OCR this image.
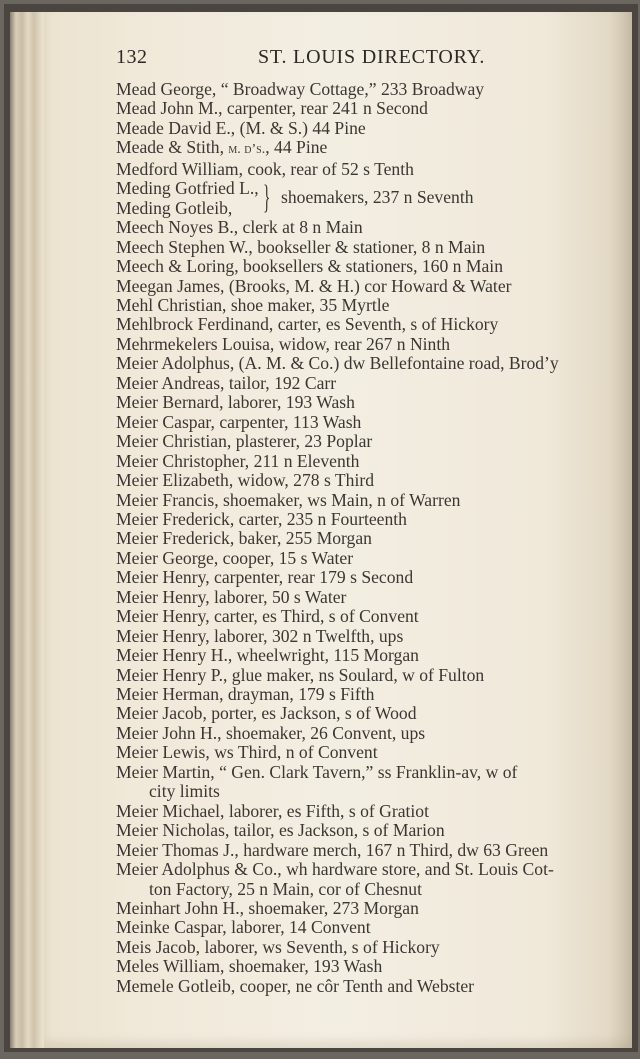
132	ST. LOUIS DIRECTORY.
Mead George, “ Broadway Cottage,” 233 Broadway
Mead John M., carpenter, rear 241 n Second
Meade David E., (M. & S.) 44 Pine
Meade & Stith, m. d’s., 44 Pine
Medford William, cook, rear of 52 s Tenth
Meding Gotfried L.,
Meding Gotleib, } shoemakers, 237 n Seventh
Meech Noyes B., clerk at 8 n Main
Meech Stephen W., bookseller & stationer, 8 n Main
Meech & Loring, booksellers & stationers, 160 n Main
Meegan James, (Brooks, M. & H.) cor Howard & Water
Mehl Christian, shoe maker, 35 Myrtle
Mehlbrock Ferdinand, carter, es Seventh, s of Hickory
Mehrmekelers Louisa, widow, rear 267 n Ninth
Meier Adolphus, (A. M. & Co.) dw Bellefontaine road, Brod’y
Meier Andreas, tailor, 192 Carr
Meier Bernard, laborer, 193 Wash
Meier Caspar, carpenter, 113 Wash
Meier Christian, plasterer, 23 Poplar
Meier Christopher, 211 n Eleventh
Meier Elizabeth, widow, 278 s Third
Meier Francis, shoemaker, ws Main, n of Warren
Meier Frederick, carter, 235 n Fourteenth
Meier Frederick, baker, 255 Morgan
Meier George, cooper, 15 s Water
Meier Henry, carpenter, rear 179 s Second
Meier Henry, laborer, 50 s Water
Meier Henry, carter, es Third, s of Convent
Meier Henry, laborer, 302 n Twelfth, ups
Meier Henry H., wheelwright, 115 Morgan
Meier Henry P., glue maker, ns Soulard, w of Fulton
Meier Herman, drayman, 179 s Fifth
Meier Jacob, porter, es Jackson, s of Wood
Meier John H., shoemaker, 26 Convent, ups
Meier Lewis, ws Third, n of Convent
Meier Martin, “ Gen. Clark Tavern,” ss Franklin-av, w of
city limits
Meier Michael, laborer, es Fifth, s of Gratiot
Meier Nicholas, tailor, es Jackson, s of Marion
Meier Thomas J., hardware merch, 167 n Third, dw 63 Green
Meier Adolphus & Co., wh hardware store, and St. Louis Cot-
ton Factory, 25 n Main, cor of Chesnut
Meinhart John H., shoemaker, 273 Morgan
Meinke Caspar, laborer, 14 Convent
Meis Jacob, laborer, ws Seventh, s of Hickory
Meles William, shoemaker, 193 Wash
Memele Gotleib, cooper, ne côr Tenth and Webster
